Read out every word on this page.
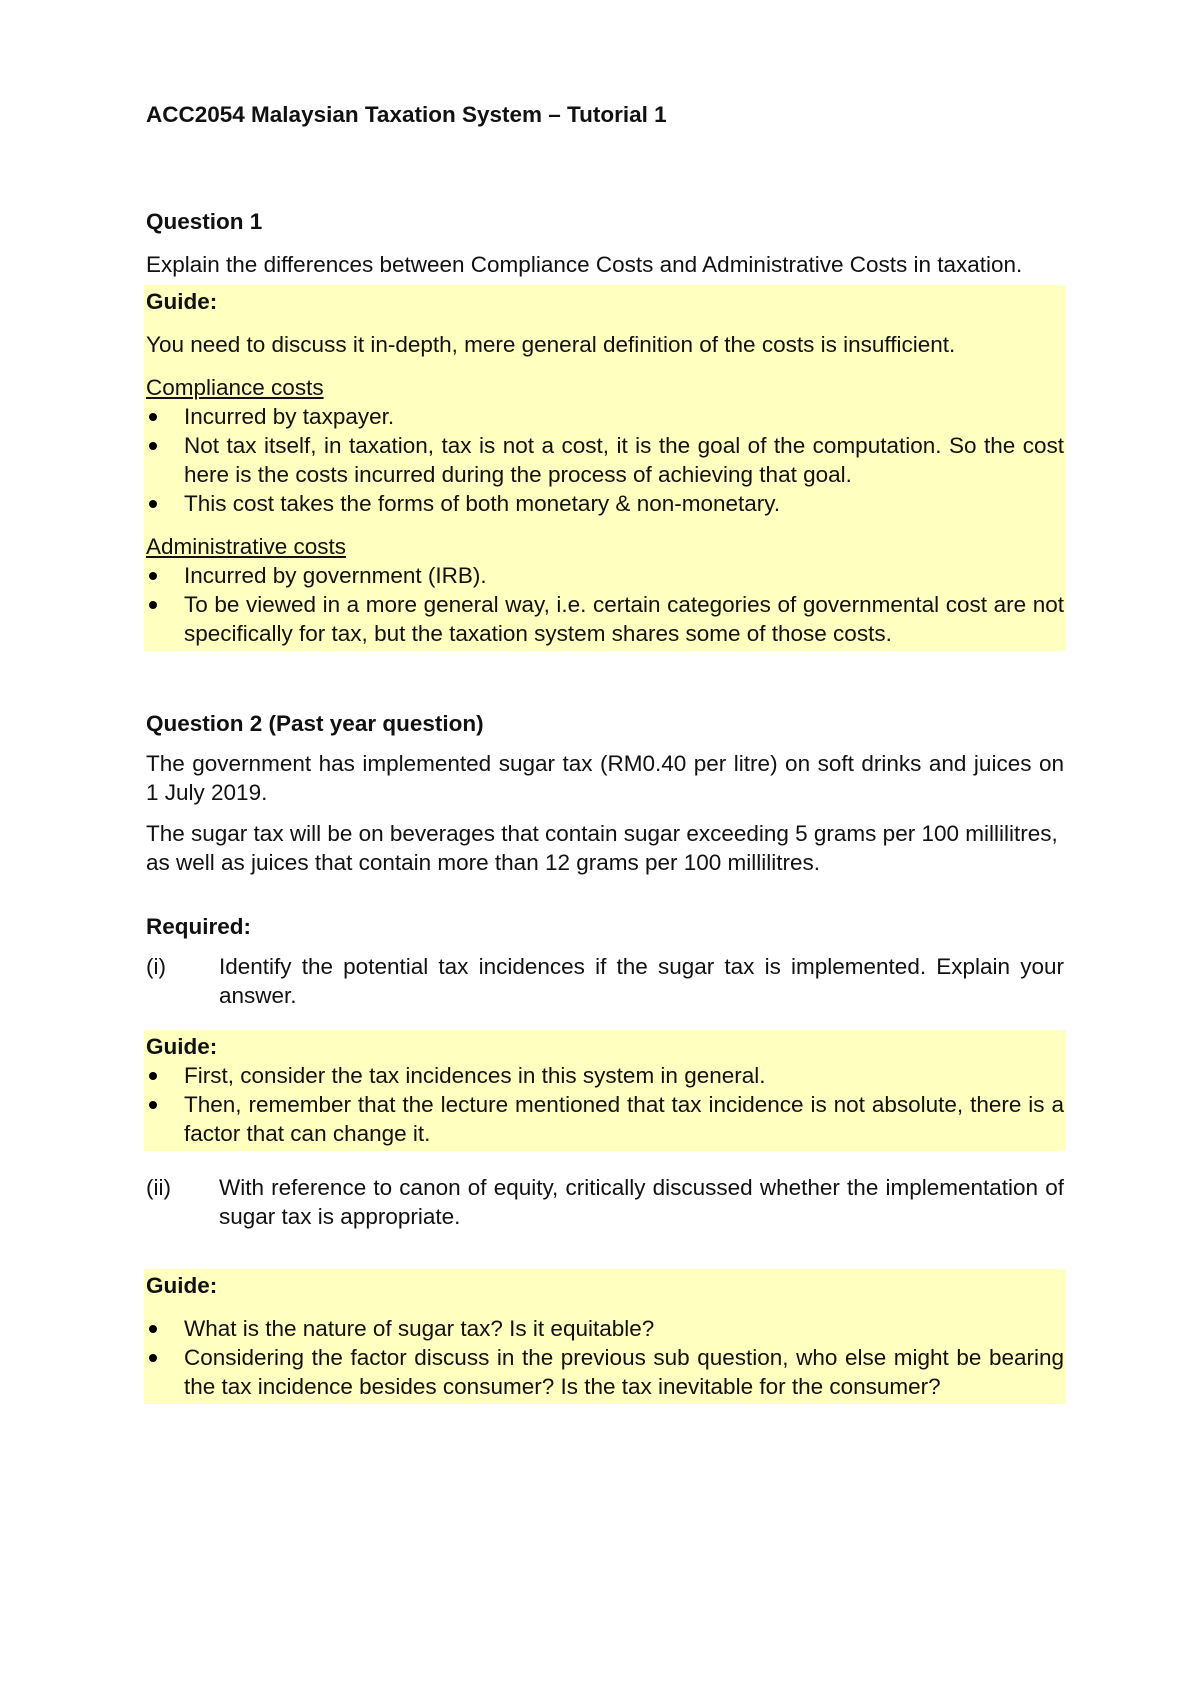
ACC2054 Malaysian Taxation System – Tutorial 1

Question 1

Explain the differences between Compliance Costs and Administrative Costs in taxation.

Guide:

You need to discuss it in-depth, mere general definition of the costs is insufficient.

Compliance costs

Incurred by taxpayer.
Not tax itself, in taxation, tax is not a cost, it is the goal of the computation. So the cost here is the costs incurred during the process of achieving that goal.
This cost takes the forms of both monetary & non-monetary.

Administrative costs

Incurred by government (IRB).
To be viewed in a more general way, i.e. certain categories of governmental cost are not specifically for tax, but the taxation system shares some of those costs.

Question 2 (Past year question)

The government has implemented sugar tax (RM0.40 per litre) on soft drinks and juices on 1 July 2019.

The sugar tax will be on beverages that contain sugar exceeding 5 grams per 100 millilitres, as well as juices that contain more than 12 grams per 100 millilitres.

Required:

(i)	Identify the potential tax incidences if the sugar tax is implemented. Explain your answer.

Guide:

First, consider the tax incidences in this system in general.
Then, remember that the lecture mentioned that tax incidence is not absolute, there is a factor that can change it.
(ii)	With reference to canon of equity, critically discussed whether the implementation of sugar tax is appropriate.

Guide:

What is the nature of sugar tax? Is it equitable?
Considering the factor discuss in the previous sub question, who else might be bearing the tax incidence besides consumer? Is the tax inevitable for the consumer?
